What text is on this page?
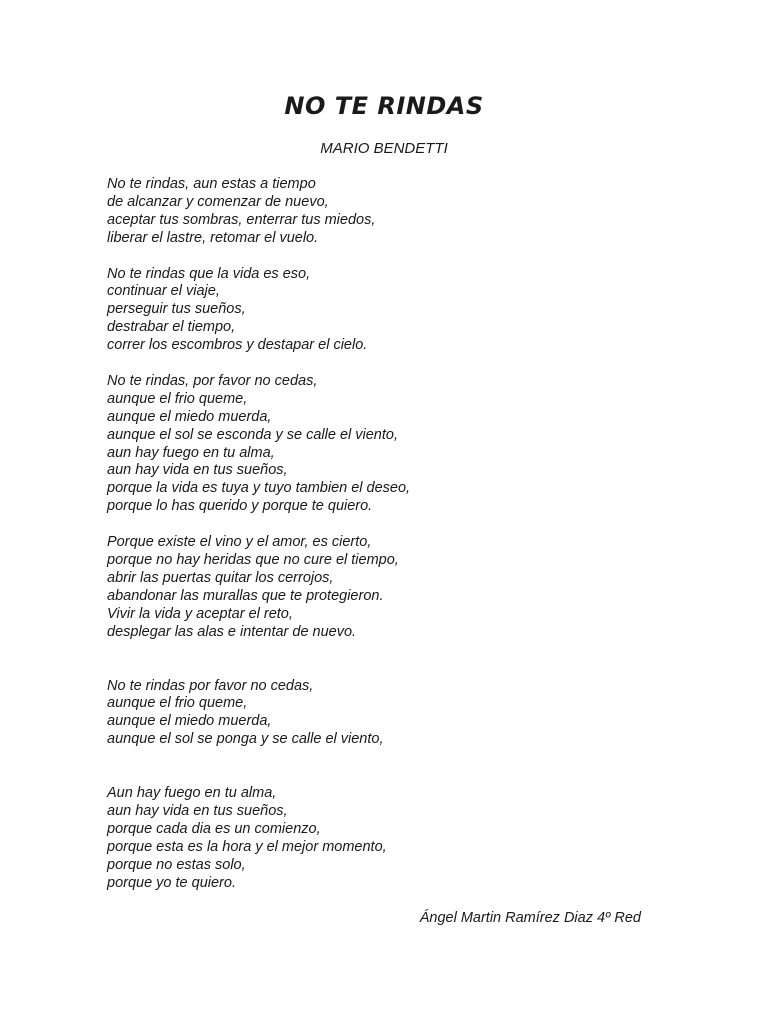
NO TE RINDAS

MARIO BENDETTI

No te rindas, aun estas a tiempo
de alcanzar y comenzar de nuevo,
aceptar tus sombras, enterrar tus miedos,
liberar el lastre, retomar el vuelo.

No te rindas que la vida es eso,
continuar el viaje,
perseguir tus sueños,
destrabar el tiempo,
correr los escombros y destapar el cielo.

No te rindas, por favor no cedas,
aunque el frio queme,
aunque el miedo muerda,
aunque el sol se esconda y se calle el viento,
aun hay fuego en tu alma,
aun hay vida en tus sueños,
porque la vida es tuya y tuyo tambien el deseo,
porque lo has querido y porque te quiero.

Porque existe el vino y el amor, es cierto,
porque no hay heridas que no cure el tiempo,
abrir las puertas quitar los cerrojos,
abandonar las murallas que te protegieron.
Vivir la vida y aceptar el reto,
desplegar las alas e intentar de nuevo.

No te rindas por favor no cedas,
aunque el frio queme,
aunque el miedo muerda,
aunque el sol se ponga y se calle el viento,

Aun hay fuego en tu alma,
aun hay vida en tus sueños,
porque cada dia es un comienzo,
porque esta es la hora y el mejor momento,
porque no estas solo,
porque yo te quiero.

Ángel Martin Ramírez Diaz 4º Red
